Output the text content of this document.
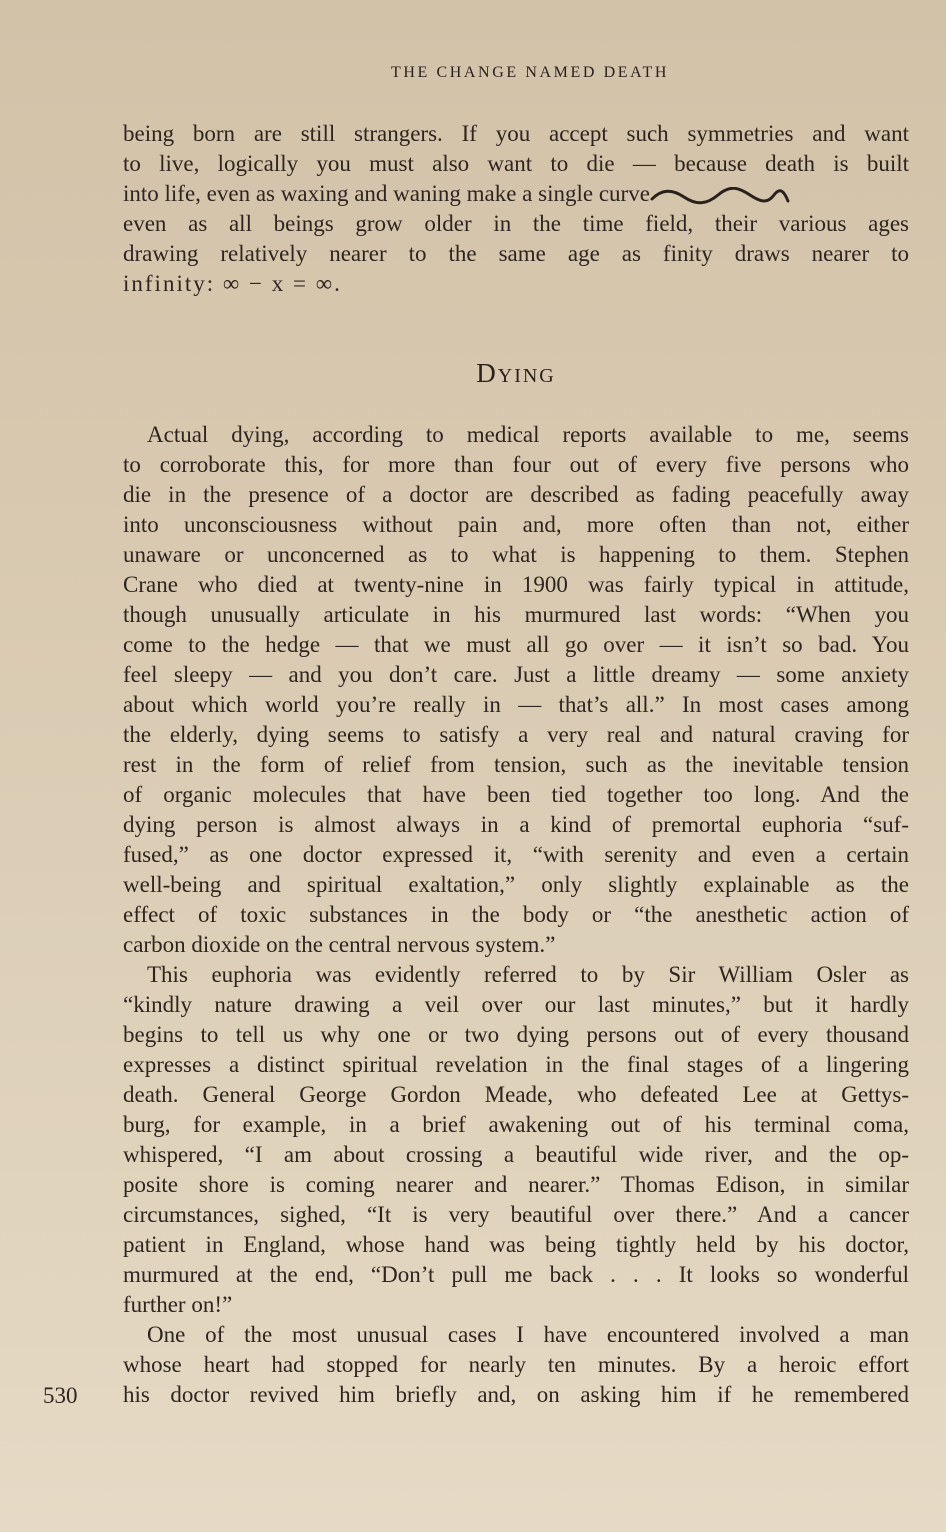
THE CHANGE NAMED DEATH
being born are still strangers. If you accept such symmetries and want
to live, logically you must also want to die — because death is built
into life, even as waxing and waning make a single curve
even as all beings grow older in the time field, their various ages
drawing relatively nearer to the same age as finity draws nearer to
infinity: ∞ − x = ∞.
DYING
Actual dying, according to medical reports available to me, seems
to corroborate this, for more than four out of every five persons who
die in the presence of a doctor are described as fading peacefully away
into unconsciousness without pain and, more often than not, either
unaware or unconcerned as to what is happening to them. Stephen
Crane who died at twenty-nine in 1900 was fairly typical in attitude,
though unusually articulate in his murmured last words: “When you
come to the hedge — that we must all go over — it isn’t so bad. You
feel sleepy — and you don’t care. Just a little dreamy — some anxiety
about which world you’re really in — that’s all.” In most cases among
the elderly, dying seems to satisfy a very real and natural craving for
rest in the form of relief from tension, such as the inevitable tension
of organic molecules that have been tied together too long. And the
dying person is almost always in a kind of premortal euphoria “suf-
fused,” as one doctor expressed it, “with serenity and even a certain
well-being and spiritual exaltation,” only slightly explainable as the
effect of toxic substances in the body or “the anesthetic action of
carbon dioxide on the central nervous system.”
This euphoria was evidently referred to by Sir William Osler as
“kindly nature drawing a veil over our last minutes,” but it hardly
begins to tell us why one or two dying persons out of every thousand
expresses a distinct spiritual revelation in the final stages of a lingering
death. General George Gordon Meade, who defeated Lee at Gettys-
burg, for example, in a brief awakening out of his terminal coma,
whispered, “I am about crossing a beautiful wide river, and the op-
posite shore is coming nearer and nearer.” Thomas Edison, in similar
circumstances, sighed, “It is very beautiful over there.” And a cancer
patient in England, whose hand was being tightly held by his doctor,
murmured at the end, “Don’t pull me back . . . It looks so wonderful
further on!”
One of the most unusual cases I have encountered involved a man
whose heart had stopped for nearly ten minutes. By a heroic effort
his doctor revived him briefly and, on asking him if he remembered
530
